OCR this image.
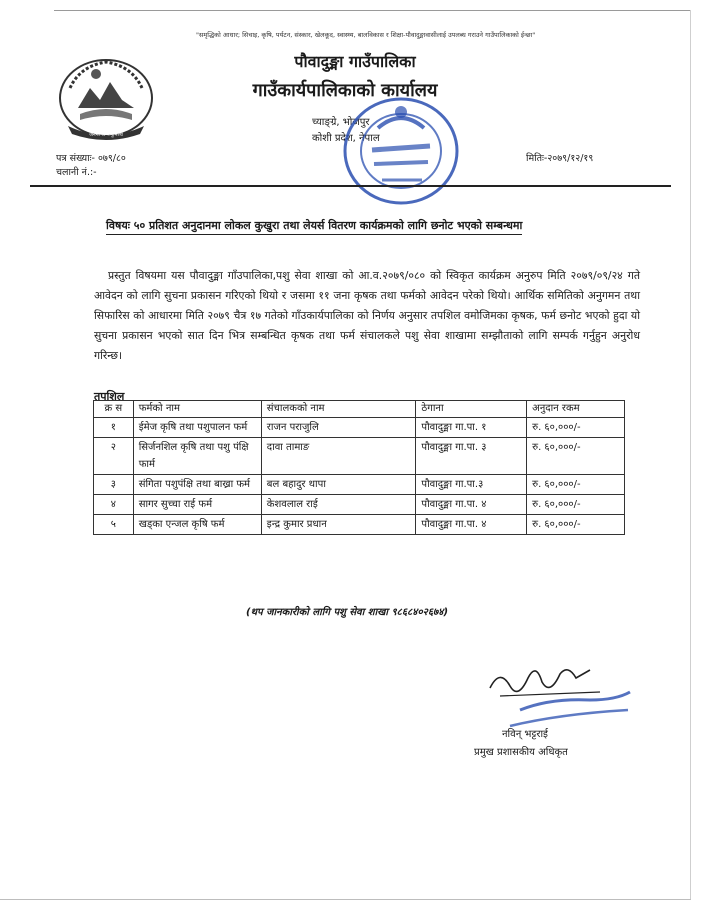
"समृद्धिको आधार; सिचाइ, कृषि, पर्यटन, संस्कार, खेलकूद, स्वास्थ्य, बालविकास र शिक्षा-पौवादुङ्मावासीलाई उपलब्ध गराउने गाउँपालिकाको ईन्छा"
जननी जन्मभूमिश्च
पौवादुङ्मा गाउँपालिका
गाउँकार्यपालिकाको कार्यालय
च्याङ्ग्रे, भोजपुर
कोशी प्रदेश, नेपाल
पत्र संख्याः- ०७९/८०
चलानी नं.:-
मितिः-२०७९/१२/१९
विषयः ५० प्रतिशत अनुदानमा लोकल कुखुरा तथा लेयर्स वितरण कार्यक्रमको लागि छनोट भएको सम्बन्धमा
प्रस्तुत विषयमा यस पौवादुङ्मा गाँउपालिका,पशु सेवा शाखा को आ.व.२०७९/०८० को स्विकृत कार्यक्रम अनुरुप मिति २०७९/०९/२४ गते आवेदन को लागि सुचना प्रकासन गरिएको थियो र जसमा ११ जना कृषक तथा फर्मको आवेदन परेको थियो। आर्थिक समितिको अनुगमन तथा सिफारिस को आधारमा मिति २०७९ चैत्र १७ गतेको गाँउकार्यपालिका को निर्णय अनुसार तपशिल वमोजिमका कृषक, फर्म छनोट भएको हुदा यो सुचना प्रकासन भएको सात दिन भित्र सम्बन्धित कृषक तथा फर्म संचालकले पशु सेवा शाखामा सम्झौताको लागि सम्पर्क गर्नुहुन अनुरोध गरिन्छ।
तपशिल
क्र स	फर्मको नाम	संचालकको नाम	ठेगाना	अनुदान रकम
१	ईमेज कृषि तथा पशुपालन फर्म	राजन पराजुलि	पौवादुङ्मा गा.पा. १	रु. ६०,०००/-
२	सिर्जनशिल कृषि तथा पशु पंक्षि फार्म	दावा तामाङ	पौवादुङ्मा गा.पा. ३	रु. ६०,०००/-
३	संगिता पशुपंक्षि तथा बाख्रा फर्म	बल बहादुर थापा	पौवादुङ्मा गा.पा.३	रु. ६०,०००/-
४	सागर सुच्चा राई फर्म	केशवलाल राई	पौवादुङ्मा गा.पा. ४	रु. ६०,०००/-
५	खड्का एन्जल कृषि फर्म	इन्द्र कुमार प्रधान	पौवादुङ्मा गा.पा. ४	रु. ६०,०००/-
(थप जानकारीको लागि पशु सेवा शाखा ९८६८४०२६७४)
नविन् भट्टराई
प्रमुख प्रशासकीय अधिकृत
